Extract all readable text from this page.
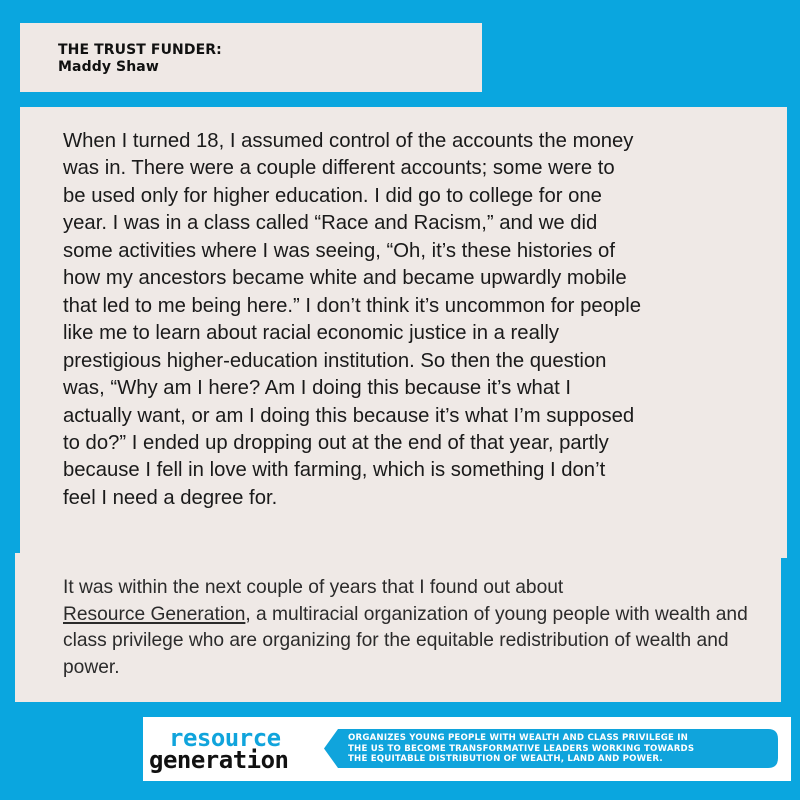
THE TRUST FUNDER:
Maddy Shaw

When I turned 18, I assumed control of the accounts the money
was in. There were a couple different accounts; some were to
be used only for higher education. I did go to college for one
year. I was in a class called “Race and Racism,” and we did
some activities where I was seeing, “Oh, it’s these histories of
how my ancestors became white and became upwardly mobile
that led to me being here.” I don’t think it’s uncommon for people
like me to learn about racial economic justice in a really
prestigious higher-education institution. So then the question
was, “Why am I here? Am I doing this because it’s what I
actually want, or am I doing this because it’s what I’m supposed
to do?” I ended up dropping out at the end of that year, partly
because I fell in love with farming, which is something I don’t
feel I need a degree for.

It was within the next couple of years that I found out about
Resource Generation, a multiracial organization of young people with wealth and class privilege who are organizing for the equitable redistribution of wealth and power.

resource
generation
ORGANIZES YOUNG PEOPLE WITH WEALTH AND CLASS PRIVILEGE IN
THE US TO BECOME TRANSFORMATIVE LEADERS WORKING TOWARDS
THE EQUITABLE DISTRIBUTION OF WEALTH, LAND AND POWER.
